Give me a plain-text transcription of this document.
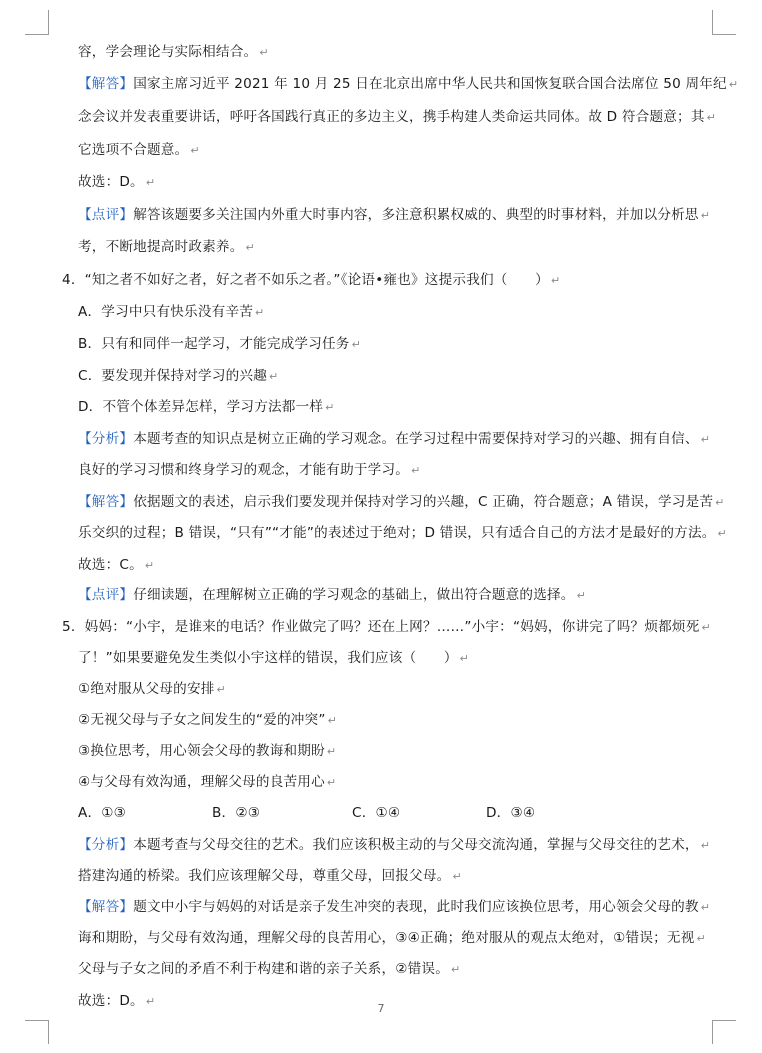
容，学会理论与实际相结合。 ↵
【解答】国家主席习近平 2021 年 10 月 25 日在北京出席中华人民共和国恢复联合国合法席位 50 周年纪 ↵
念会议并发表重要讲话，呼吁各国践行真正的多边主义，携手构建人类命运共同体。故 D 符合题意；其 ↵
它选项不合题意。 ↵
故选：D。 ↵
【点评】解答该题要多关注国内外重大时事内容，多注意积累权威的、典型的时事材料，并加以分析思 ↵
考，不断地提高时政素养。 ↵
4．“知之者不如好之者，好之者不如乐之者。”《论语•雍也》这提示我们（　　） ↵
A．学习中只有快乐没有辛苦 ↵
B．只有和同伴一起学习，才能完成学习任务 ↵
C．要发现并保持对学习的兴趣 ↵
D．不管个体差异怎样，学习方法都一样 ↵
【分析】本题考查的知识点是树立正确的学习观念。在学习过程中需要保持对学习的兴趣、拥有自信、 ↵
良好的学习习惯和终身学习的观念，才能有助于学习。 ↵
【解答】依据题文的表述，启示我们要发现并保持对学习的兴趣，C 正确，符合题意；A 错误，学习是苦 ↵
乐交织的过程；B 错误，“只有”“才能”的表述过于绝对；D 错误，只有适合自己的方法才是最好的方法。 ↵
故选：C。 ↵
【点评】仔细读题，在理解树立正确的学习观念的基础上，做出符合题意的选择。 ↵
5．妈妈：“小宇，是谁来的电话？作业做完了吗？还在上网？……”小宇：“妈妈，你讲完了吗？烦都烦死 ↵
了！”如果要避免发生类似小宇这样的错误，我们应该（　　） ↵
①绝对服从父母的安排 ↵
②无视父母与子女之间发生的“爱的冲突” ↵
③换位思考，用心领会父母的教诲和期盼 ↵
④与父母有效沟通，理解父母的良苦用心 ↵
A．①③	B．②③	C．①④	D．③④
【分析】本题考查与父母交往的艺术。我们应该积极主动的与父母交流沟通，掌握与父母交往的艺术， ↵
搭建沟通的桥梁。我们应该理解父母，尊重父母，回报父母。 ↵
【解答】题文中小宇与妈妈的对话是亲子发生冲突的表现，此时我们应该换位思考，用心领会父母的教 ↵
诲和期盼，与父母有效沟通，理解父母的良苦用心，③④正确；绝对服从的观点太绝对，①错误；无视 ↵
父母与子女之间的矛盾不利于构建和谐的亲子关系，②错误。 ↵
故选：D。 ↵
7
